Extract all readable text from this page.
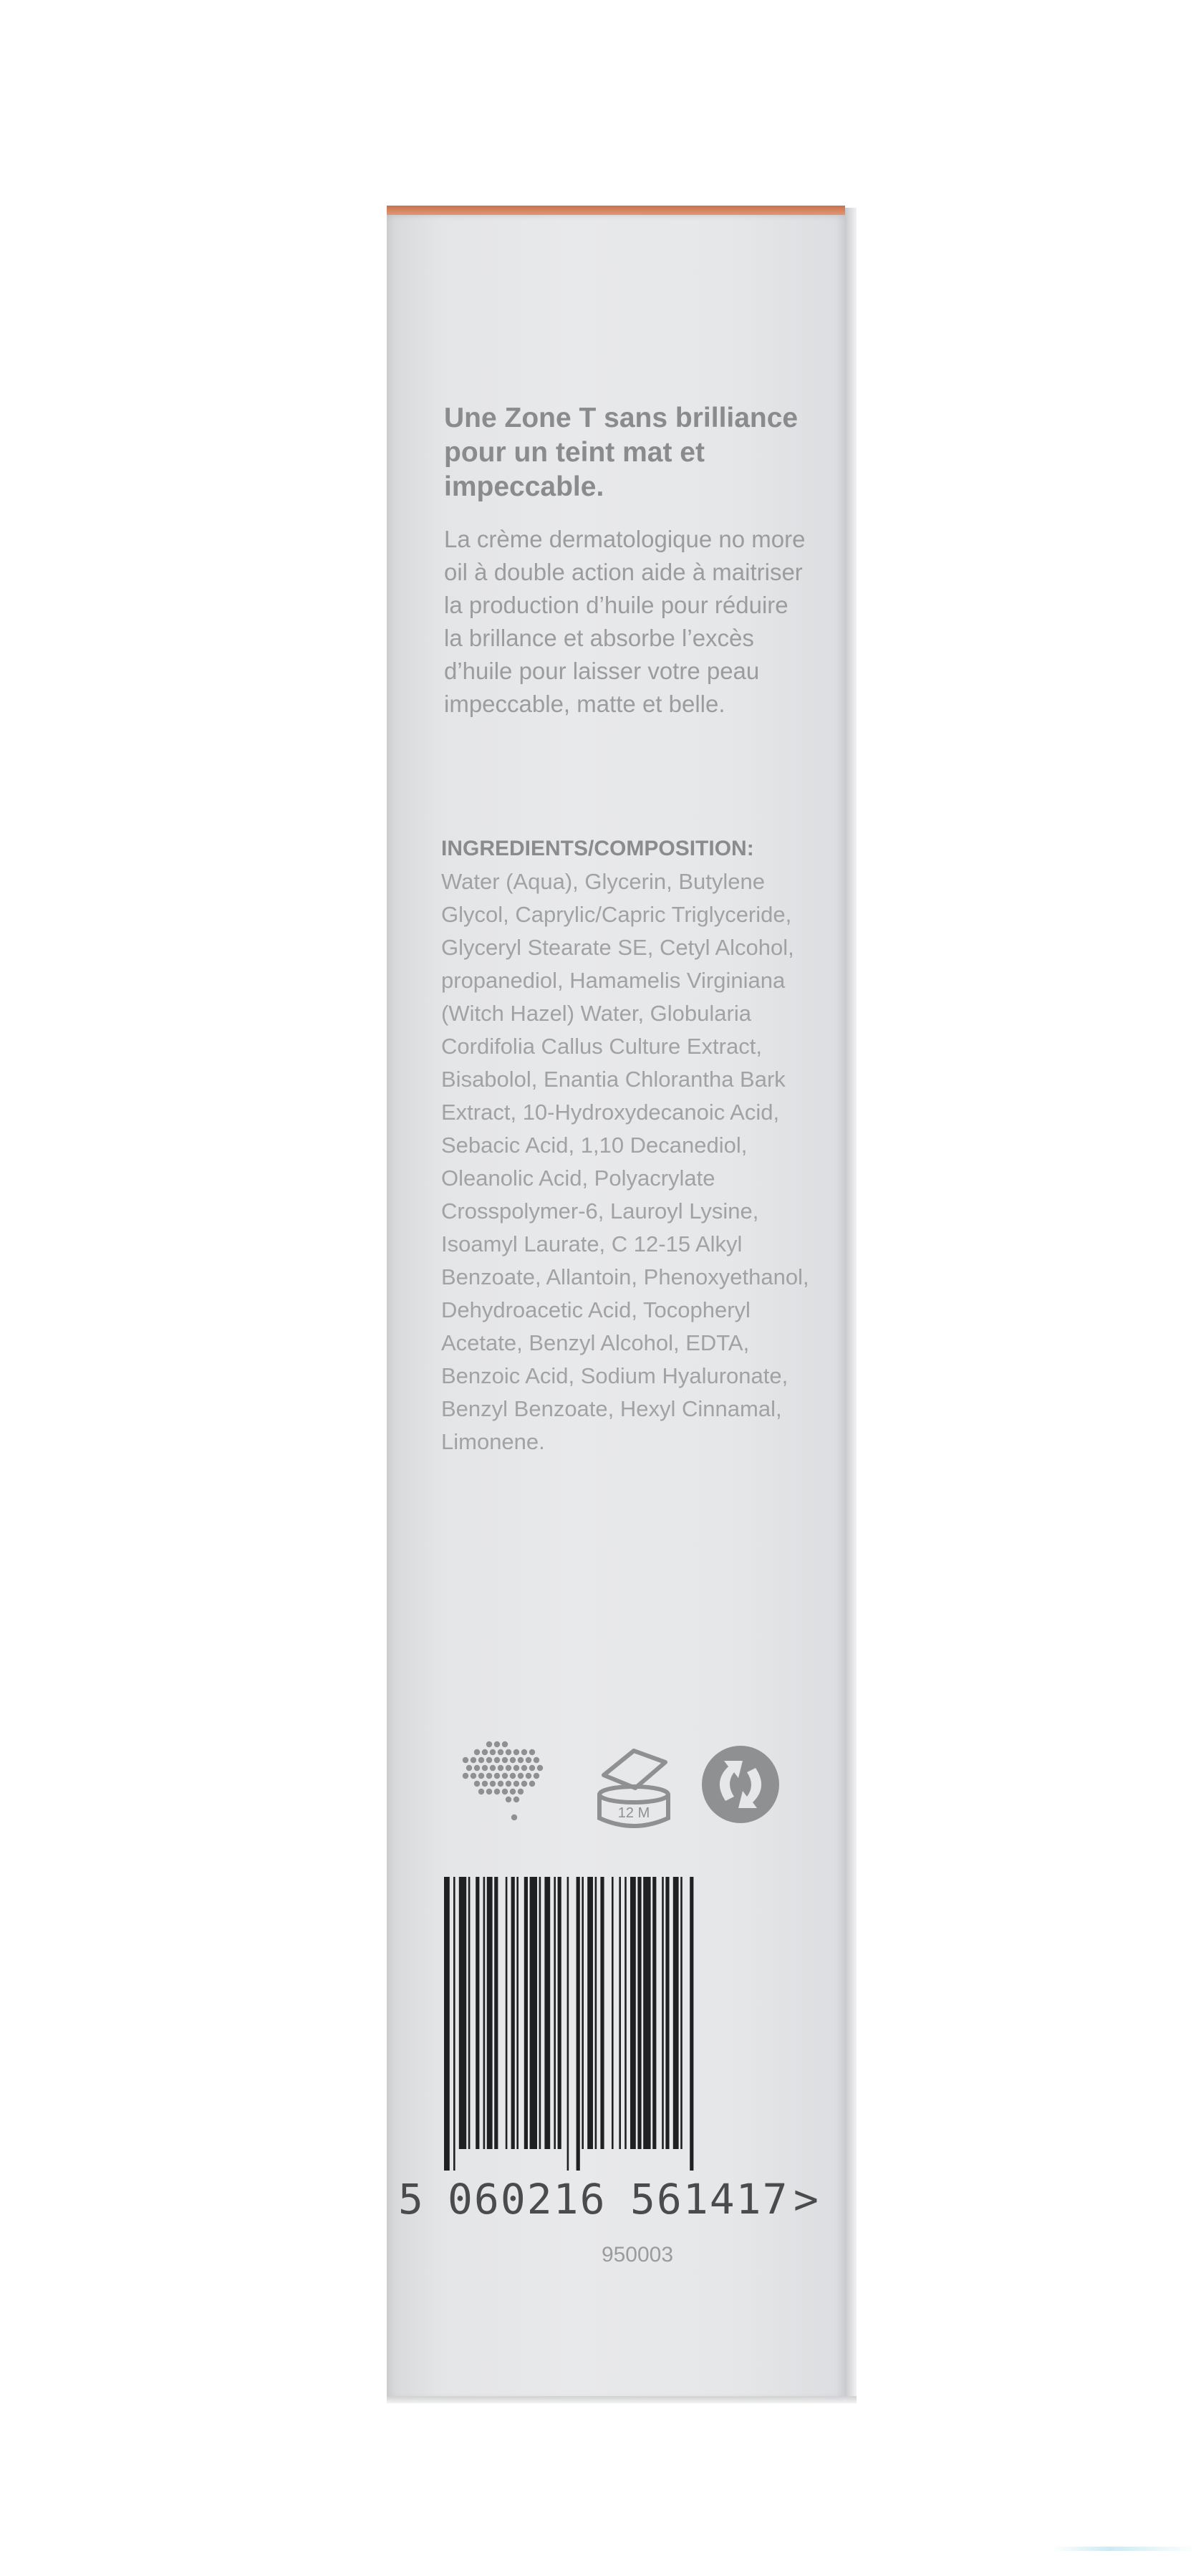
Une Zone T sans brilliance pour un teint mat et impeccable.
La crème dermatologique no more oil à double action aide à maitriser la production d’huile pour réduire la brillance et absorbe l’excès d’huile pour laisser votre peau impeccable, matte et belle.
INGREDIENTS/COMPOSITION:
Water (Aqua), Glycerin, Butylene Glycol, Caprylic/Capric Triglyceride, Glyceryl Stearate SE, Cetyl Alcohol, propanediol, Hamamelis Virginiana (Witch Hazel) Water, Globularia Cordifolia Callus Culture Extract, Bisabolol, Enantia Chlorantha Bark Extract, 10-Hydroxydecanoic Acid, Sebacic Acid, 1,10 Decanediol, Oleanolic Acid, Polyacrylate Crosspolymer-6, Lauroyl Lysine, Isoamyl Laurate, C 12-15 Alkyl Benzoate, Allantoin, Phenoxyethanol, Dehydroacetic Acid, Tocopheryl Acetate, Benzyl Alcohol, EDTA, Benzoic Acid, Sodium Hyaluronate, Benzyl Benzoate, Hexyl Cinnamal, Limonene.
12 M
5 060216 561417 >
950003
